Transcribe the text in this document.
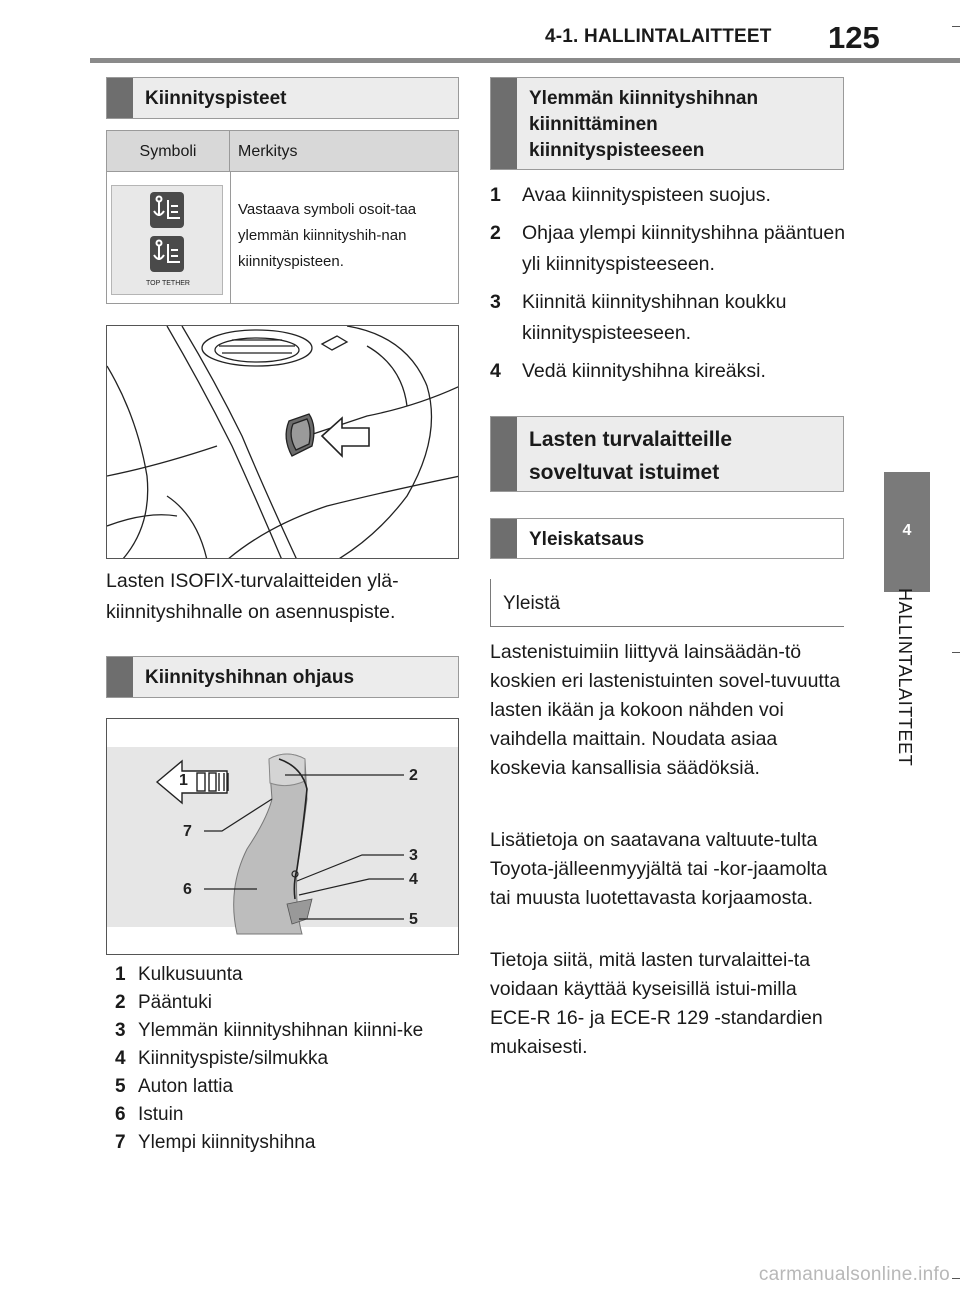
4-1. HALLINTALAITTEET 125
4
HALLINTALAITTEET
Kiinnityspisteet
Symboli	Merkitys
TOP TETHER
Vastaava symboli osoit-taa ylemmän kiinnityshih-nan kiinnityspisteen.
Lasten ISOFIX-turvalaitteiden ylä-kiinnityshihnalle on asennuspiste.
Kiinnityshihnan ohjaus
1	2
3
4
5
6
7
1 Kulkusuunta
2 Pääntuki
3 Ylemmän kiinnityshihnan kiinni-ke
4 Kiinnityspiste/silmukka
5 Auton lattia
6 Istuin
7 Ylempi kiinnityshihna
Ylemmän kiinnityshihnan kiinnittäminen kiinnityspisteeseen
1	Avaa kiinnityspisteen suojus.
2	Ohjaa ylempi kiinnityshihna pääntuen yli kiinnityspisteeseen.
3	Kiinnitä kiinnityshihnan koukku kiinnityspisteeseen.
4	Vedä kiinnityshihna kireäksi.
Lasten turvalaitteille soveltuvat istuimet
Yleiskatsaus
Yleistä
Lastenistuimiin liittyvä lainsäädän-tö koskien eri lastenistuinten sovel-tuvuutta lasten ikään ja kokoon nähden voi vaihdella maittain. Noudata asiaa koskevia kansallisia säädöksiä.
Lisätietoja on saatavana valtuute-tulta Toyota-jälleenmyyjältä tai -kor-jaamolta tai muusta luotettavasta korjaamosta.
Tietoja siitä, mitä lasten turvalaittei-ta voidaan käyttää kyseisillä istui-milla ECE-R 16- ja ECE-R 129 -standardien mukaisesti.
carmanualsonline.info
